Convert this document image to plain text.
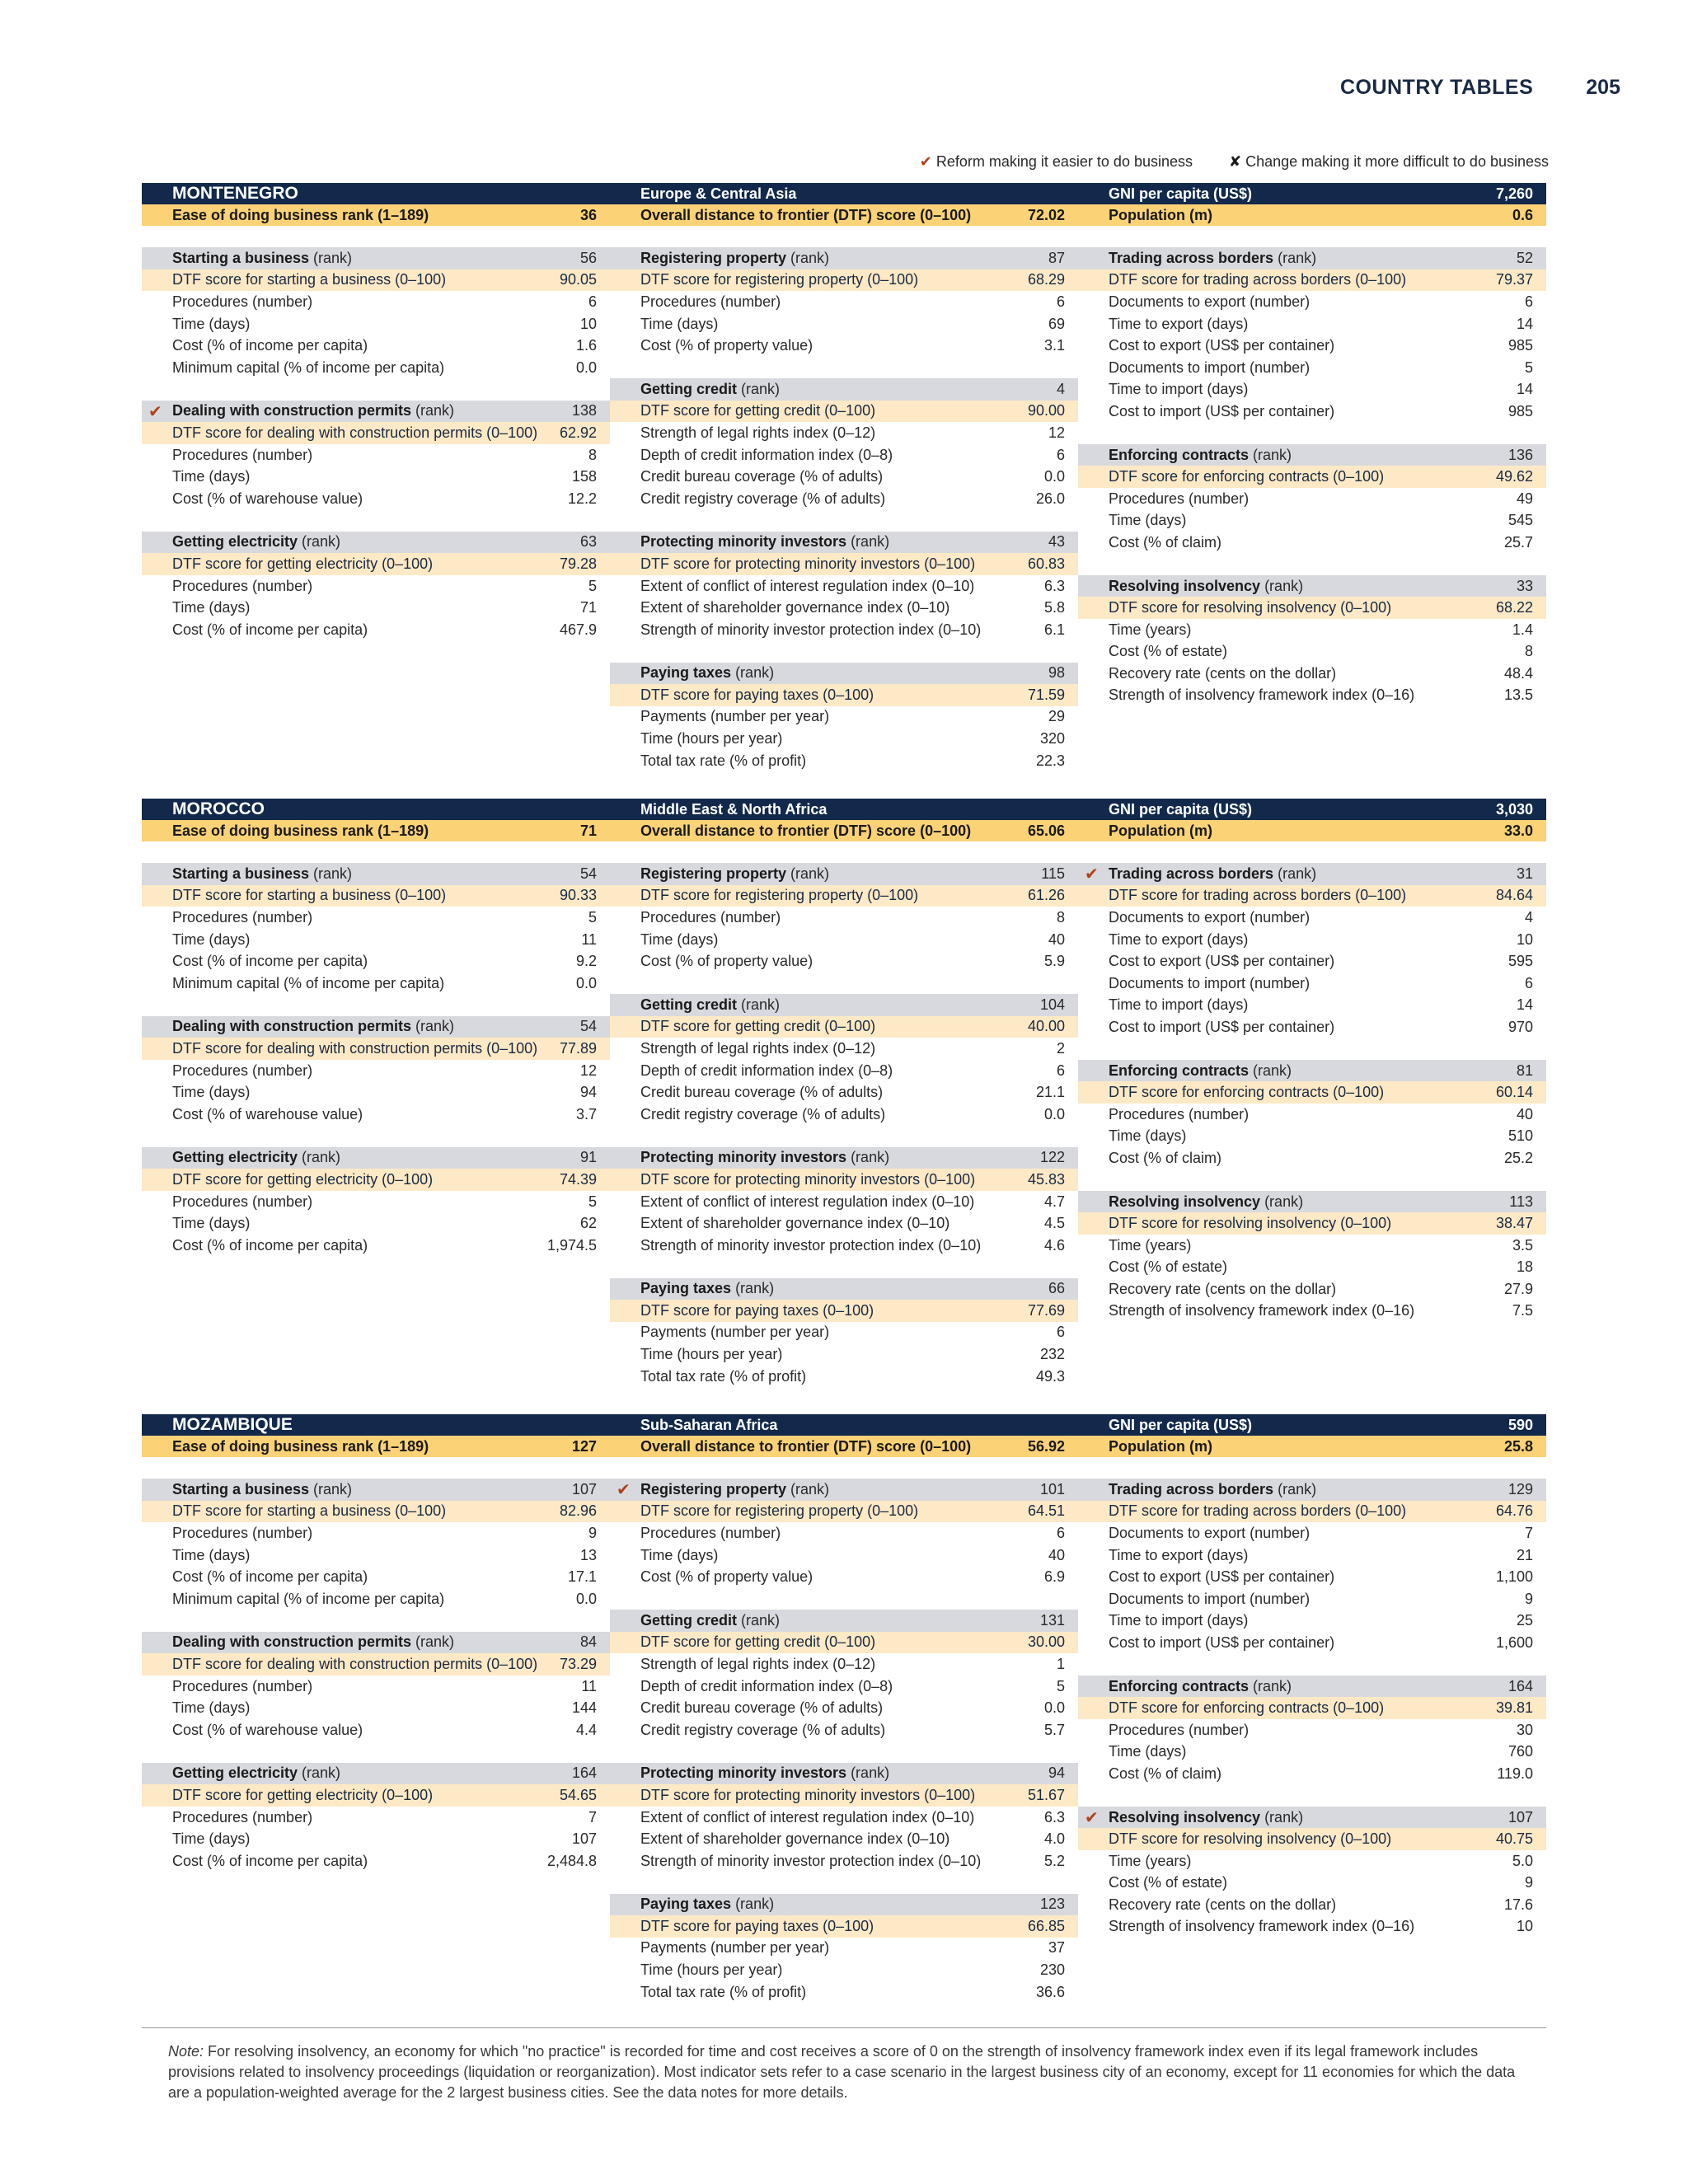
COUNTRY TABLES	205
✔ Reform making it easier to do business ✘ Change making it more difficult to do business
MONTENEGRO	Europe & Central Asia	GNI per capita (US$)	7,260
Ease of doing business rank (1–189)	36	Overall distance to frontier (DTF) score (0–100)	72.02	Population (m)	0.6
Starting a business (rank)	56
DTF score for starting a business (0–100)	90.05
Procedures (number)	6
Time (days)	10
Cost (% of income per capita)	1.6
Minimum capital (% of income per capita)	0.0
✔ Dealing with construction permits (rank)	138
DTF score for dealing with construction permits (0–100) 62.92
Procedures (number)	8
Time (days)	158
Cost (% of warehouse value)	12.2
Getting electricity (rank)	63
DTF score for getting electricity (0–100)	79.28
Procedures (number)	5
Time (days)	71
Cost (% of income per capita)	467.9
Registering property (rank)	87
DTF score for registering property (0–100)	68.29
Procedures (number)	6
Time (days)	69
Cost (% of property value)	3.1
Getting credit (rank)	4
DTF score for getting credit (0–100)	90.00
Strength of legal rights index (0–12)	12
Depth of credit information index (0–8)	6
Credit bureau coverage (% of adults)	0.0
Credit registry coverage (% of adults)	26.0
Protecting minority investors (rank)	43
DTF score for protecting minority investors (0–100)	60.83
Extent of conflict of interest regulation index (0–10)	6.3
Extent of shareholder governance index (0–10)	5.8
Strength of minority investor protection index (0–10)	6.1
Paying taxes (rank)	98
DTF score for paying taxes (0–100)	71.59
Payments (number per year)	29
Time (hours per year)	320
Total tax rate (% of profit)	22.3
Trading across borders (rank)	52
DTF score for trading across borders (0–100)	79.37
Documents to export (number)	6
Time to export (days)	14
Cost to export (US$ per container)	985
Documents to import (number)	5
Time to import (days)	14
Cost to import (US$ per container)	985
Enforcing contracts (rank)	136
DTF score for enforcing contracts (0–100)	49.62
Procedures (number)	49
Time (days)	545
Cost (% of claim)	25.7
Resolving insolvency (rank)	33
DTF score for resolving insolvency (0–100)	68.22
Time (years)	1.4
Cost (% of estate)	8
Recovery rate (cents on the dollar)	48.4
Strength of insolvency framework index (0–16)	13.5
MOROCCO	Middle East & North Africa	GNI per capita (US$)	3,030
Ease of doing business rank (1–189)	71	Overall distance to frontier (DTF) score (0–100)	65.06	Population (m)	33.0
Starting a business (rank)	54
DTF score for starting a business (0–100)	90.33
Procedures (number)	5
Time (days)	11
Cost (% of income per capita)	9.2
Minimum capital (% of income per capita)	0.0
Dealing with construction permits (rank)	54
DTF score for dealing with construction permits (0–100) 77.89
Procedures (number)	12
Time (days)	94
Cost (% of warehouse value)	3.7
Getting electricity (rank)	91
DTF score for getting electricity (0–100)	74.39
Procedures (number)	5
Time (days)	62
Cost (% of income per capita)	1,974.5
Registering property (rank)	115
DTF score for registering property (0–100)	61.26
Procedures (number)	8
Time (days)	40
Cost (% of property value)	5.9
Getting credit (rank)	104
DTF score for getting credit (0–100)	40.00
Strength of legal rights index (0–12)	2
Depth of credit information index (0–8)	6
Credit bureau coverage (% of adults)	21.1
Credit registry coverage (% of adults)	0.0
Protecting minority investors (rank)	122
DTF score for protecting minority investors (0–100)	45.83
Extent of conflict of interest regulation index (0–10)	4.7
Extent of shareholder governance index (0–10)	4.5
Strength of minority investor protection index (0–10)	4.6
Paying taxes (rank)	66
DTF score for paying taxes (0–100)	77.69
Payments (number per year)	6
Time (hours per year)	232
Total tax rate (% of profit)	49.3
✔ Trading across borders (rank)	31
DTF score for trading across borders (0–100)	84.64
Documents to export (number)	4
Time to export (days)	10
Cost to export (US$ per container)	595
Documents to import (number)	6
Time to import (days)	14
Cost to import (US$ per container)	970
Enforcing contracts (rank)	81
DTF score for enforcing contracts (0–100)	60.14
Procedures (number)	40
Time (days)	510
Cost (% of claim)	25.2
Resolving insolvency (rank)	113
DTF score for resolving insolvency (0–100)	38.47
Time (years)	3.5
Cost (% of estate)	18
Recovery rate (cents on the dollar)	27.9
Strength of insolvency framework index (0–16)	7.5
MOZAMBIQUE	Sub-Saharan Africa	GNI per capita (US$)	590
Ease of doing business rank (1–189)	127	Overall distance to frontier (DTF) score (0–100)	56.92	Population (m)	25.8
Starting a business (rank)	107
DTF score for starting a business (0–100)	82.96
Procedures (number)	9
Time (days)	13
Cost (% of income per capita)	17.1
Minimum capital (% of income per capita)	0.0
Dealing with construction permits (rank)	84
DTF score for dealing with construction permits (0–100) 73.29
Procedures (number)	11
Time (days)	144
Cost (% of warehouse value)	4.4
Getting electricity (rank)	164
DTF score for getting electricity (0–100)	54.65
Procedures (number)	7
Time (days)	107
Cost (% of income per capita)	2,484.8
✔ Registering property (rank)	101
DTF score for registering property (0–100)	64.51
Procedures (number)	6
Time (days)	40
Cost (% of property value)	6.9
Getting credit (rank)	131
DTF score for getting credit (0–100)	30.00
Strength of legal rights index (0–12)	1
Depth of credit information index (0–8)	5
Credit bureau coverage (% of adults)	0.0
Credit registry coverage (% of adults)	5.7
Protecting minority investors (rank)	94
DTF score for protecting minority investors (0–100)	51.67
Extent of conflict of interest regulation index (0–10)	6.3
Extent of shareholder governance index (0–10)	4.0
Strength of minority investor protection index (0–10)	5.2
Paying taxes (rank)	123
DTF score for paying taxes (0–100)	66.85
Payments (number per year)	37
Time (hours per year)	230
Total tax rate (% of profit)	36.6
Trading across borders (rank)	129
DTF score for trading across borders (0–100)	64.76
Documents to export (number)	7
Time to export (days)	21
Cost to export (US$ per container)	1,100
Documents to import (number)	9
Time to import (days)	25
Cost to import (US$ per container)	1,600
Enforcing contracts (rank)	164
DTF score for enforcing contracts (0–100)	39.81
Procedures (number)	30
Time (days)	760
Cost (% of claim)	119.0
✔ Resolving insolvency (rank)	107
DTF score for resolving insolvency (0–100)	40.75
Time (years)	5.0
Cost (% of estate)	9
Recovery rate (cents on the dollar)	17.6
Strength of insolvency framework index (0–16)	10
Note: For resolving insolvency, an economy for which "no practice" is recorded for time and cost receives a score of 0 on the strength of insolvency framework index even if its legal framework includes provisions related to insolvency proceedings (liquidation or reorganization). Most indicator sets refer to a case scenario in the largest business city of an economy, except for 11 economies for which the data are a population-weighted average for the 2 largest business cities. See the data notes for more details.
